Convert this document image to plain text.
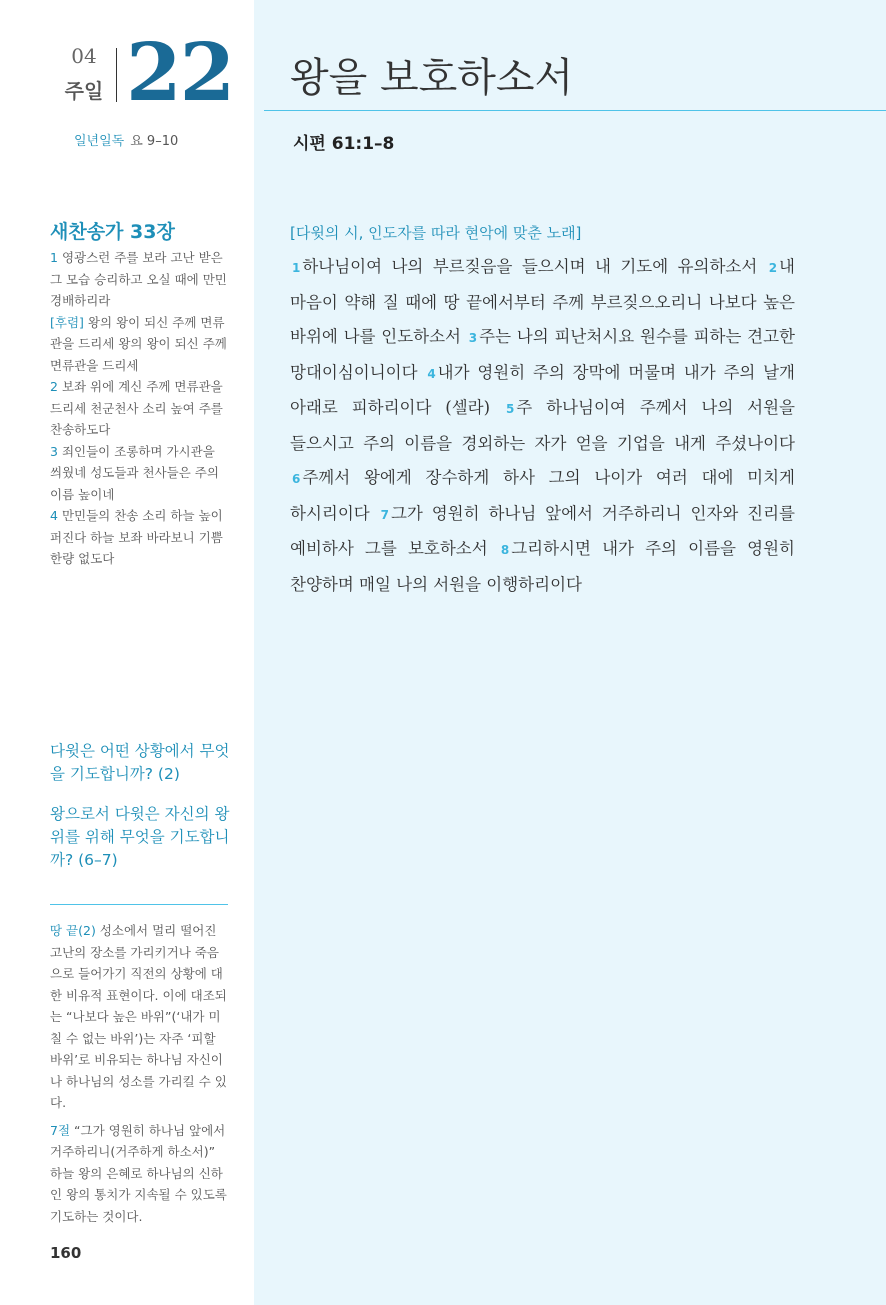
04
주일 22
일년일독 요 9–10
왕을 보호하소서
시편 61:1–8
새찬송가 33장

1 영광스런 주를 보라 고난 받은 그 모습 승리하고 오실 때에 만민 경배하리라

[후렴] 왕의 왕이 되신 주께 면류관을 드리세 왕의 왕이 되신 주께 면류관을 드리세

2 보좌 위에 계신 주께 면류관을 드리세 천군천사 소리 높여 주를 찬송하도다

3 죄인들이 조롱하며 가시관을 씌웠네 성도들과 천사들은 주의 이름 높이네

4 만민들의 찬송 소리 하늘 높이 퍼진다 하늘 보좌 바라보니 기쁨 한량 없도다

다윗은 어떤 상황에서 무엇을 기도합니까? (2)

왕으로서 다윗은 자신의 왕위를 위해 무엇을 기도합니까? (6–7)

땅 끝(2) 성소에서 멀리 떨어진 고난의 장소를 가리키거나 죽음으로 들어가기 직전의 상황에 대한 비유적 표현이다. 이에 대조되는 “나보다 높은 바위”(‘내가 미칠 수 없는 바위’)는 자주 ‘피할 바위’로 비유되는 하나님 자신이나 하나님의 성소를 가리킬 수 있다.

7절 “그가 영원히 하나님 앞에서 거주하리니(거주하게 하소서)” 하늘 왕의 은혜로 하나님의 신하인 왕의 통치가 지속될 수 있도록 기도하는 것이다.

160
[다윗의 시, 인도자를 따라 현악에 맞춘 노래]
1 하나님이여 나의 부르짖음을 들으시며 내 기도에 유의하소서 2 내 마음이 약해 질 때에 땅 끝에서부터 주께 부르짖으오리니 나보다 높은 바위에 나를 인도하소서 3 주는 나의 피난처시요 원수를 피하는 견고한 망대이심이니이다 4 내가 영원히 주의 장막에 머물며 내가 주의 날개 아래로 피하리이다 (셀라) 5 주 하나님이여 주께서 나의 서원을 들으시고 주의 이름을 경외하는 자가 얻을 기업을 내게 주셨나이다 6 주께서 왕에게 장수하게 하사 그의 나이가 여러 대에 미치게 하시리이다 7 그가 영원히 하나님 앞에서 거주하리니 인자와 진리를 예비하사 그를 보호하소서 8 그리하시면 내가 주의 이름을 영원히 찬양하며 매일 나의 서원을 이행하리이다
